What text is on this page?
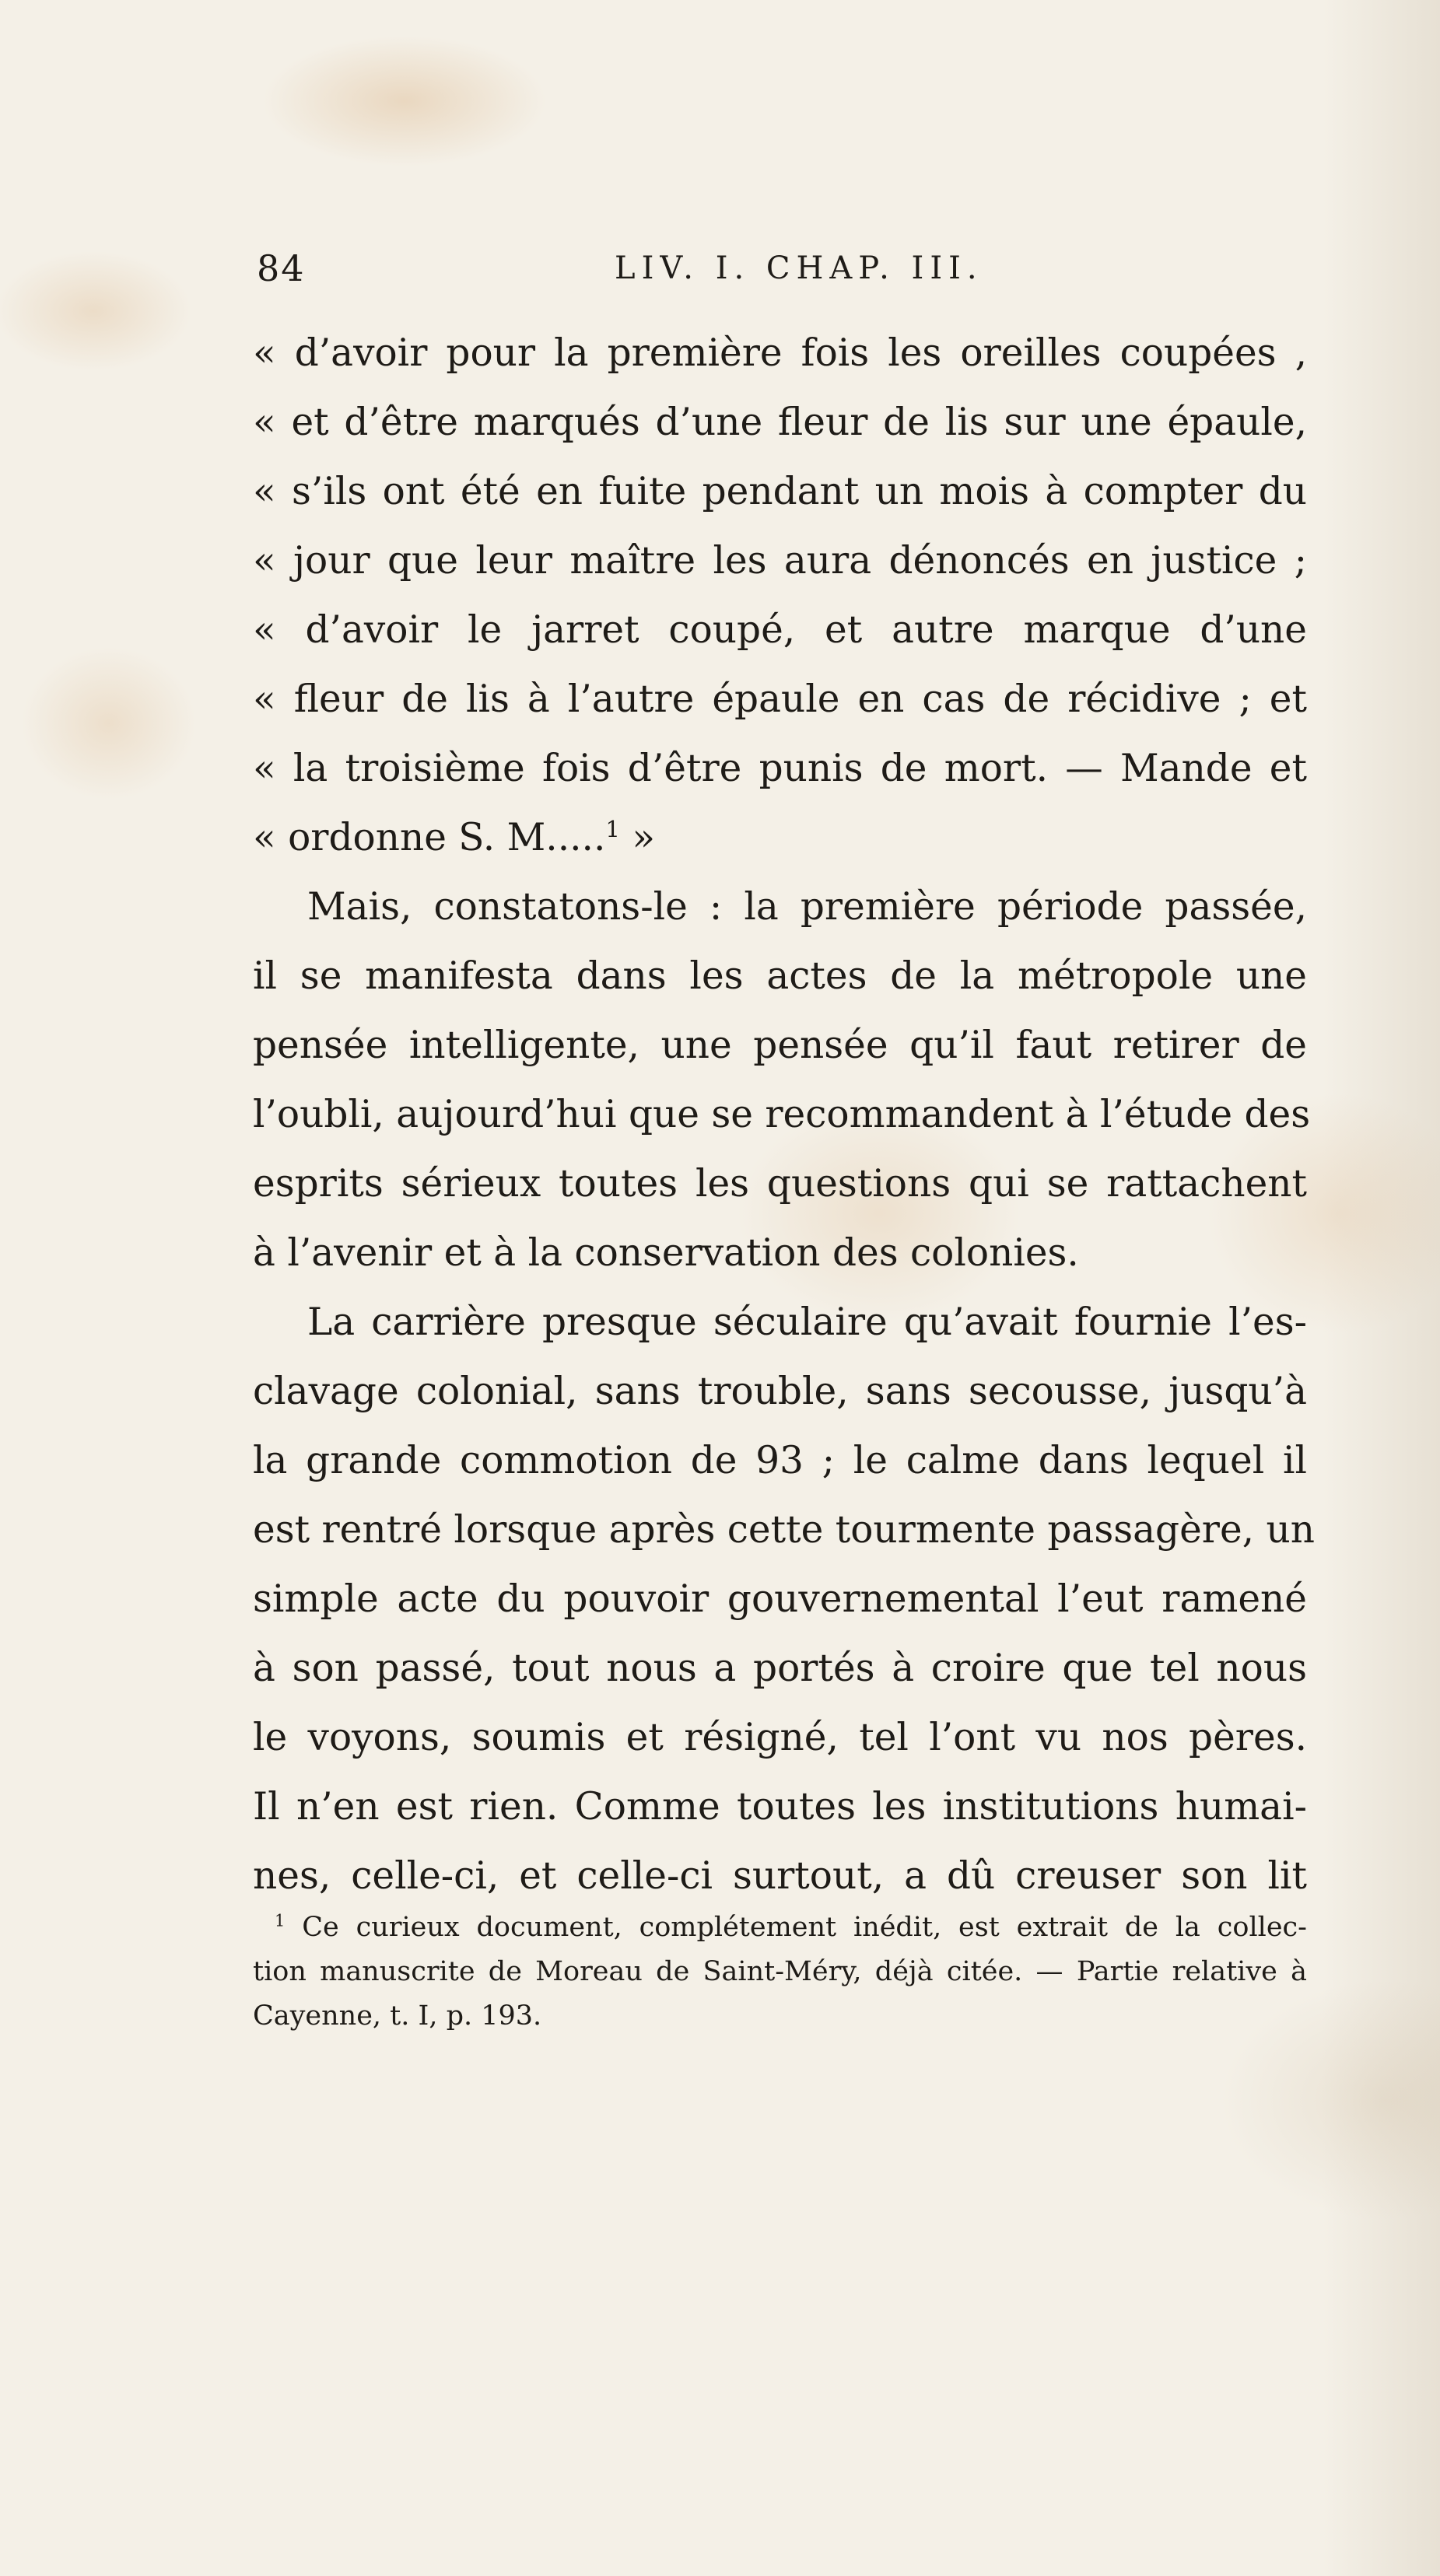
84	LIV. I. CHAP. III.
« d’avoir pour la première fois les oreilles coupées ,
« et d’être marqués d’une fleur de lis sur une épaule,
« s’ils ont été en fuite pendant un mois à compter du
« jour que leur maître les aura dénoncés en justice ;
« d’avoir le jarret coupé, et autre marque d’une
« fleur de lis à l’autre épaule en cas de récidive ; et
« la troisième fois d’être punis de mort. — Mande et
« ordonne S. M.....$^1$ »
Mais, constatons-le : la première période passée,
il se manifesta dans les actes de la métropole une
pensée intelligente, une pensée qu’il faut retirer de
l’oubli, aujourd’hui que se recommandent à l’étude des
esprits sérieux toutes les questions qui se rattachent
à l’avenir et à la conservation des colonies.
La carrière presque séculaire qu’avait fournie l’es-
clavage colonial, sans trouble, sans secousse, jusqu’à
la grande commotion de 93 ; le calme dans lequel il
est rentré lorsque après cette tourmente passagère, un
simple acte du pouvoir gouvernemental l’eut ramené
à son passé, tout nous a portés à croire que tel nous
le voyons, soumis et résigné, tel l’ont vu nos pères.
Il n’en est rien. Comme toutes les institutions humai-
nes, celle-ci, et celle-ci surtout, a dû creuser son lit
$^1$ Ce curieux document, complétement inédit, est extrait de la collec-
tion manuscrite de Moreau de Saint-Méry, déjà citée. — Partie relative à
Cayenne, t. I, p. 193.
